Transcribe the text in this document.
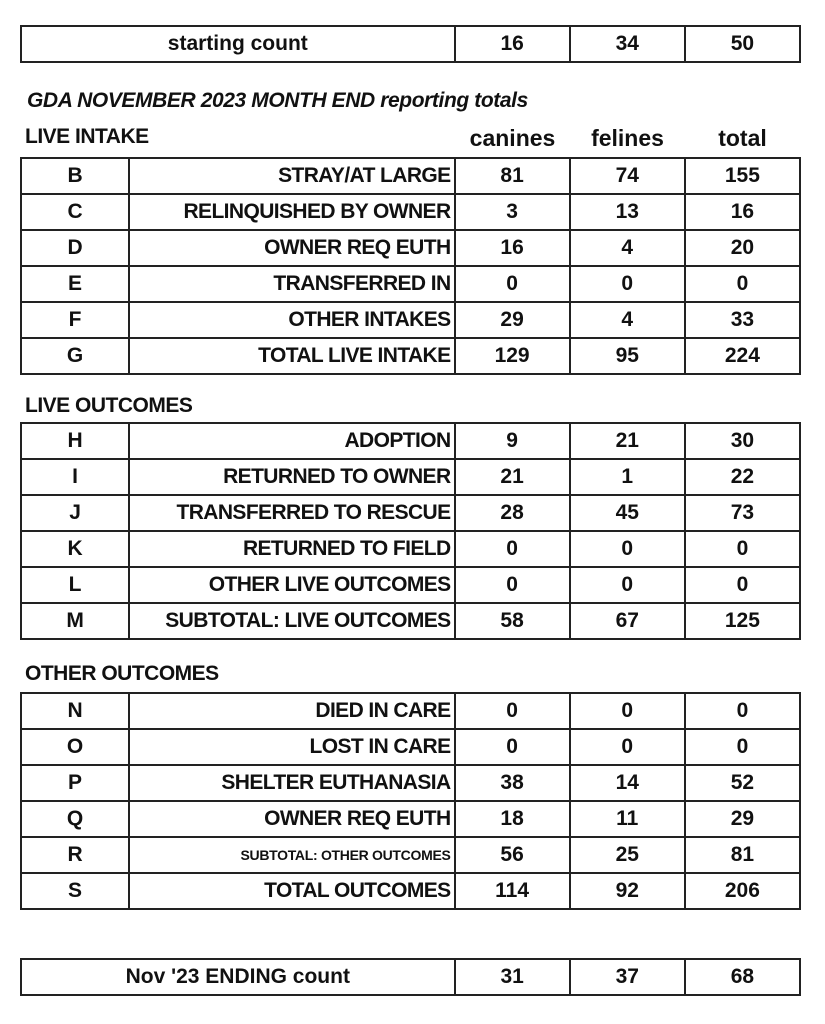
starting count	16	34	50
GDA NOVEMBER 2023 MONTH END reporting totals
LIVE INTAKE	canines	felines	total
B	STRAY/AT LARGE	81	74	155
C	RELINQUISHED BY OWNER	3	13	16
D	OWNER REQ EUTH	16	4	20
E	TRANSFERRED IN	0	0	0
F	OTHER INTAKES	29	4	33
G	TOTAL LIVE INTAKE	129	95	224
LIVE OUTCOMES
H	ADOPTION	9	21	30
I	RETURNED TO OWNER	21	1	22
J	TRANSFERRED TO RESCUE	28	45	73
K	RETURNED TO FIELD	0	0	0
L	OTHER LIVE OUTCOMES	0	0	0
M	SUBTOTAL: LIVE OUTCOMES	58	67	125
OTHER OUTCOMES
N	DIED IN CARE	0	0	0
O	LOST IN CARE	0	0	0
P	SHELTER EUTHANASIA	38	14	52
Q	OWNER REQ EUTH	18	11	29
R	SUBTOTAL: OTHER OUTCOMES	56	25	81
S	TOTAL OUTCOMES	114	92	206
Nov '23 ENDING count	31	37	68
